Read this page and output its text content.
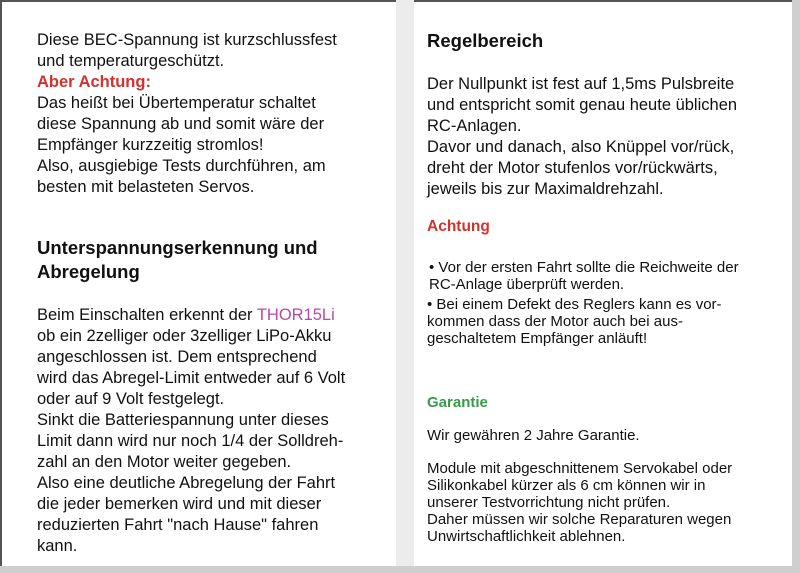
Diese BEC-Spannung ist kurzschlussfest
und temperaturgeschützt.

Aber Achtung:

Das heißt bei Übertemperatur schaltet
diese Spannung ab und somit wäre der
Empfänger kurzzeitig stromlos!
Also, ausgiebige Tests durchführen, am
besten mit belasteten Servos.

Unterspannungserkennung und
Abregelung

Beim Einschalten erkennt der THOR15Li
ob ein 2zelliger oder 3zelliger LiPo-Akku
angeschlossen ist. Dem entsprechend
wird das Abregel-Limit entweder auf 6 Volt
oder auf 9 Volt festgelegt.
Sinkt die Batteriespannung unter dieses
Limit dann wird nur noch 1/4 der Solldreh-
zahl an den Motor weiter gegeben.
Also eine deutliche Abregelung der Fahrt
die jeder bemerken wird und mit dieser
reduzierten Fahrt "nach Hause" fahren
kann.

Regelbereich

Der Nullpunkt ist fest auf 1,5ms Pulsbreite
und entspricht somit genau heute üblichen
RC-Anlagen.
Davor und danach, also Knüppel vor/rück,
dreht der Motor stufenlos vor/rückwärts,
jeweils bis zur Maximaldrehzahl.

Achtung

• Vor der ersten Fahrt sollte die Reichweite der
RC-Anlage überprüft werden.
• Bei einem Defekt des Reglers kann es vor-
kommen dass der Motor auch bei aus-
geschaltetem Empfänger anläuft!

Garantie

Wir gewähren 2 Jahre Garantie.

Module mit abgeschnittenem Servokabel oder
Silikonkabel kürzer als 6 cm können wir in
unserer Testvorrichtung nicht prüfen.
Daher müssen wir solche Reparaturen wegen
Unwirtschaftlichkeit ablehnen.
